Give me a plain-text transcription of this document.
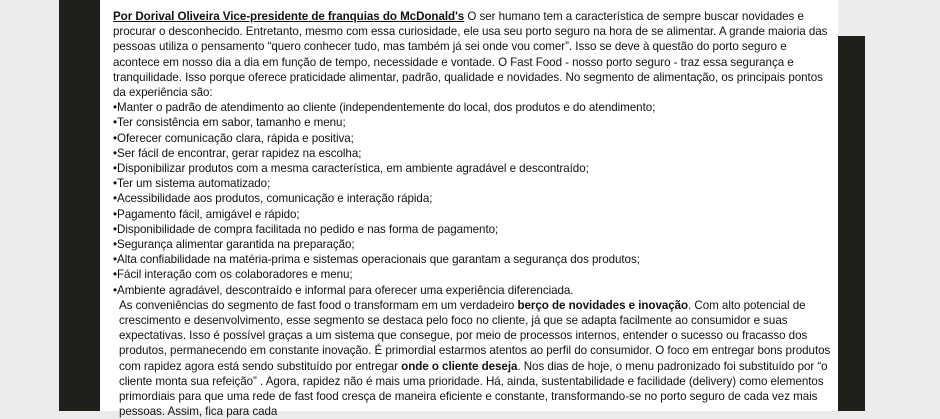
Por Dorival Oliveira Vice-presidente de franquias do McDonald's O ser humano tem a característica de sempre buscar novidades e procurar o desconhecido. Entretanto, mesmo com essa curiosidade, ele usa seu porto seguro na hora de se alimentar. A grande maioria das pessoas utiliza o pensamento “quero conhecer tudo, mas também já sei onde vou comer”. Isso se deve à questão do porto seguro e acontece em nosso dia a dia em função de tempo, necessidade e vontade. O Fast Food - nosso porto seguro - traz essa segurança e tranquilidade. Isso porque oferece praticidade alimentar, padrão, qualidade e novidades. No segmento de alimentação, os principais pontos da experiência são:

•Manter o padrão de atendimento ao cliente (independentemente do local, dos produtos e do atendimento;

•Ter consistência em sabor, tamanho e menu;

•Oferecer comunicação clara, rápida e positiva;

•Ser fácil de encontrar, gerar rapidez na escolha;

•Disponibilizar produtos com a mesma característica, em ambiente agradável e descontraído;

•Ter um sistema automatizado;

•Acessibilidade aos produtos, comunicação e interação rápida;

•Pagamento fácil, amigável e rápido;

•Disponibilidade de compra facilitada no pedido e nas forma de pagamento;

•Segurança alimentar garantida na preparação;

•Alta confiabilidade na matéria-prima e sistemas operacionais que garantam a segurança dos produtos;

•Fácil interação com os colaboradores e menu;

•Ambiente agradável, descontraído e informal para oferecer uma experiência diferenciada.

As conveniências do segmento de fast food o transformam em um verdadeiro berço de novidades e inovação. Com alto potencial de crescimento e desenvolvimento, esse segmento se destaca pelo foco no cliente, já que se adapta facilmente ao consumidor e suas expectativas. Isso é possível graças a um sistema que consegue, por meio de processos internos, entender o sucesso ou fracasso dos produtos, permanecendo em constante inovação. É primordial estarmos atentos ao perfil do consumidor. O foco em entregar bons produtos com rapidez agora está sendo substituído por entregar onde o cliente deseja. Nos dias de hoje, o menu padronizado foi substituído por “o cliente monta sua refeição” . Agora, rapidez não é mais uma prioridade. Há, ainda, sustentabilidade e facilidade (delivery) como elementos primordiais para que uma rede de fast food cresça de maneira eficiente e constante, transformando-se no porto seguro de cada vez mais pessoas. Assim, fica para cada
